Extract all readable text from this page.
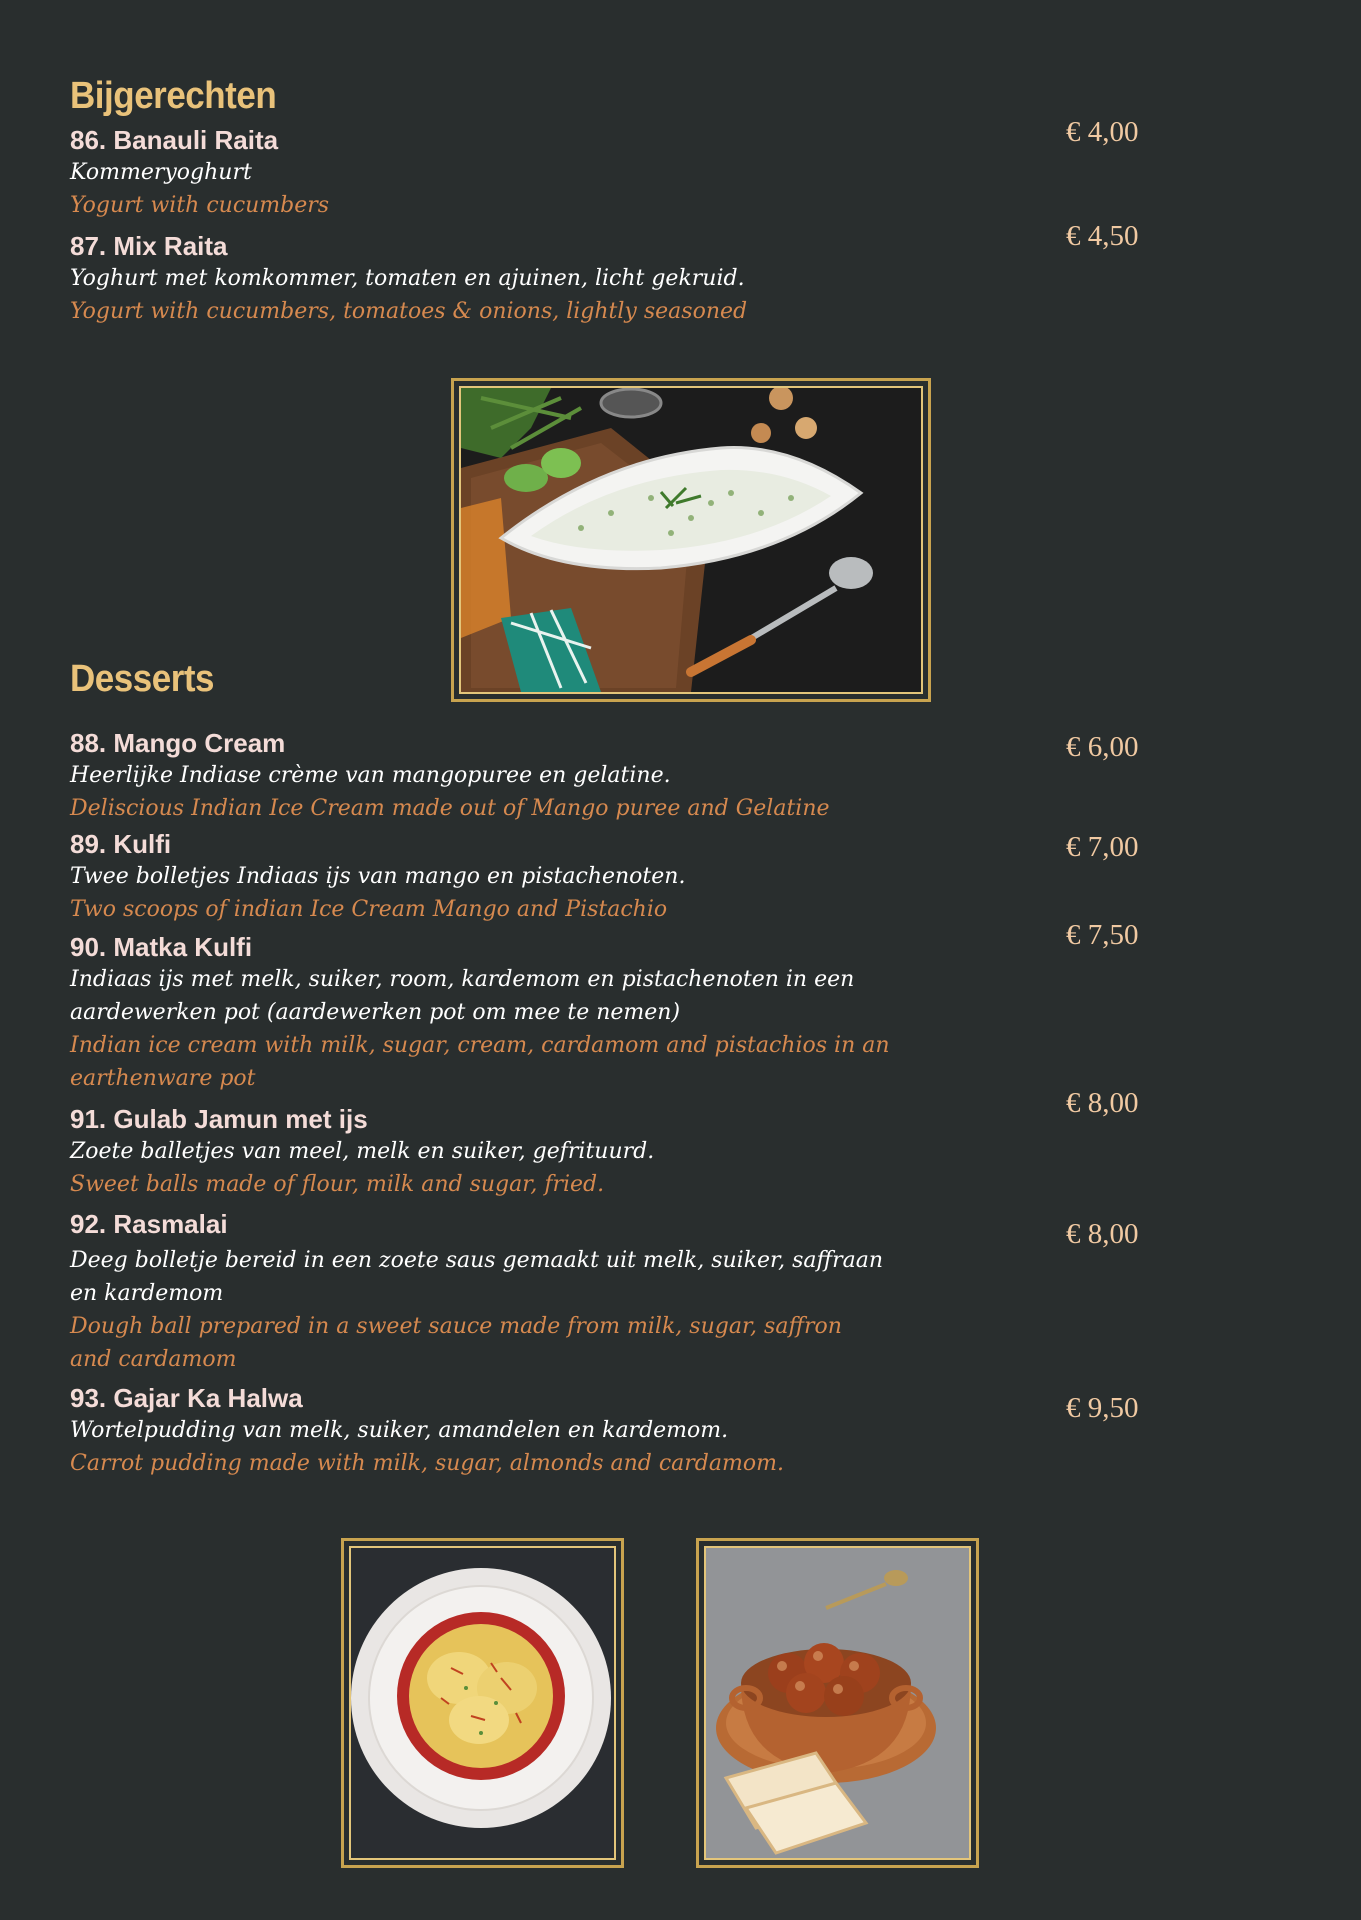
Bijgerechten
86. Banauli Raita
Kommeryoghurt
Yogurt with cucumbers
€ 4,00
87. Mix Raita
Yoghurt met komkommer, tomaten en ajuinen, licht gekruid.
Yogurt with cucumbers, tomatoes & onions, lightly seasoned
€ 4,50
Desserts
88. Mango Cream
Heerlijke Indiase crème van mangopuree en gelatine.
Deliscious Indian Ice Cream made out of Mango puree and Gelatine
€ 6,00
89. Kulfi
Twee bolletjes Indiaas ijs van mango en pistachenoten.
Two scoops of indian Ice Cream Mango and Pistachio
€ 7,00
90. Matka Kulfi
Indiaas ijs met melk, suiker, room, kardemom en pistachenoten in een
aardewerken pot (aardewerken pot om mee te nemen)
Indian ice cream with milk, sugar, cream, cardamom and pistachios in an
earthenware pot
€ 7,50
91. Gulab Jamun met ijs
Zoete balletjes van meel, melk en suiker, gefrituurd.
Sweet balls made of flour, milk and sugar, fried.
€ 8,00
92. Rasmalai
Deeg bolletje bereid in een zoete saus gemaakt uit melk, suiker, saffraan
en kardemom
Dough ball prepared in a sweet sauce made from milk, sugar, saffron
and cardamom
€ 8,00
93. Gajar Ka Halwa
Wortelpudding van melk, suiker, amandelen en kardemom.
Carrot pudding made with milk, sugar, almonds and cardamom.
€ 9,50
